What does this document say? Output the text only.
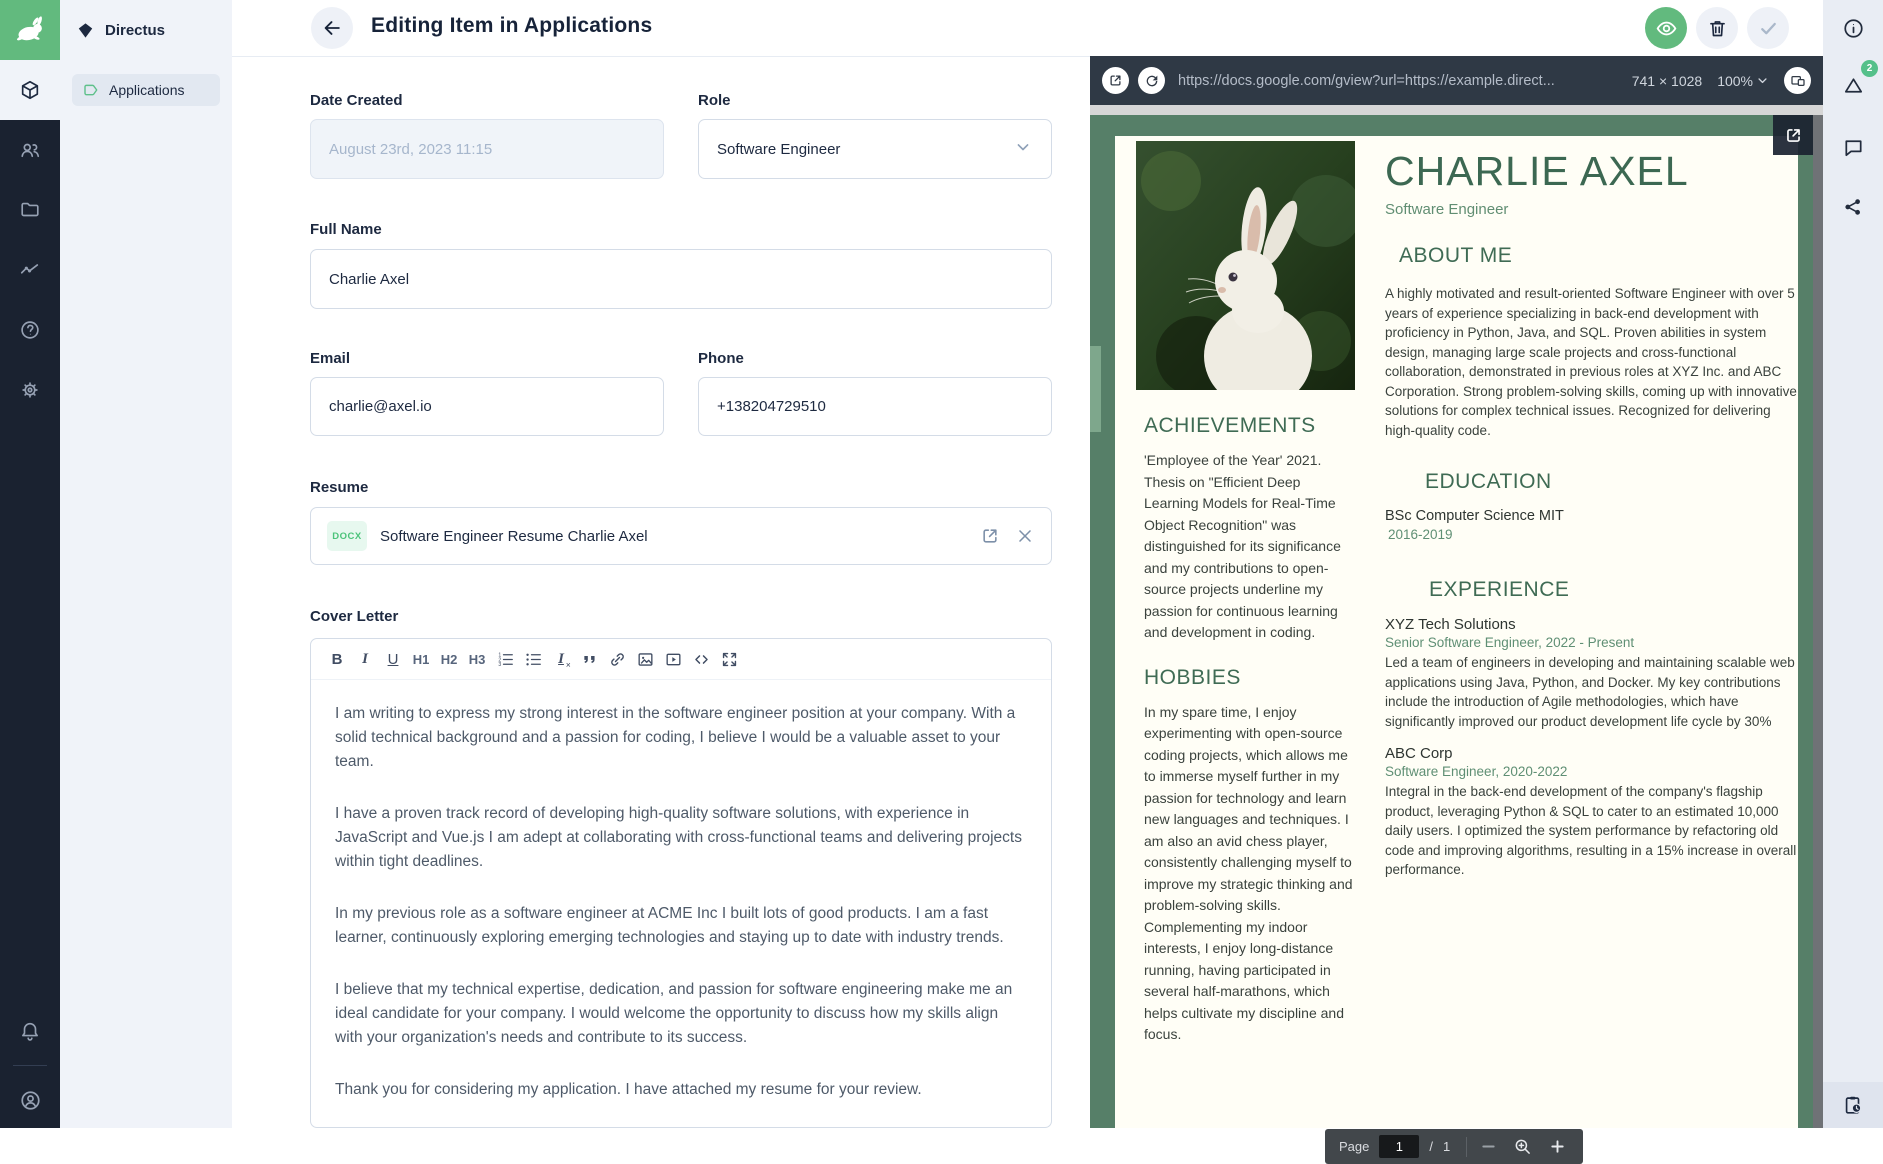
Directus
Applications
Editing Item in Applications
Date Created
August 23rd, 2023 11:15
Role
Software Engineer
Full Name
Charlie Axel
Email
charlie@axel.io
Phone
+138204729510
Resume
DOCX	Software Engineer Resume Charlie Axel
Cover Letter
B	I	U	H1 H2 H3	1
2
3	I ×

I am writing to express my strong interest in the software engineer position at your company. With a solid technical background and a passion for coding, I believe I would be a valuable asset to your team.

I have a proven track record of developing high-quality software solutions, with experience in JavaScript and Vue.js I am adept at collaborating with cross-functional teams and delivering projects within tight deadlines.

In my previous role as a software engineer at ACME Inc I built lots of good products. I am a fast learner, continuously exploring emerging technologies and staying up to date with industry trends.

I believe that my technical expertise, dedication, and passion for software engineering make me an ideal candidate for your company. I would welcome the opportunity to discuss how my skills align with your organization's needs and contribute to its success.

Thank you for considering my application. I have attached my resume for your review.

https://docs.google.com/gview?url=https://example.direct...	741 × 1028 100%
CHARLIE AXEL
Software Engineer
ABOUT ME
A highly motivated and result-oriented Software Engineer with over 5 years of experience specializing in back-end development with proficiency in Python, Java, and SQL. Proven abilities in system design, managing large scale projects and cross-functional collaboration, demonstrated in previous roles at XYZ Inc. and ABC Corporation. Strong problem-solving skills, coming up with innovative solutions for complex technical issues. Recognized for delivering high-quality code.
EDUCATION
BSc Computer Science MIT
2016-2019
EXPERIENCE
XYZ Tech Solutions
Senior Software Engineer, 2022 - Present
Led a team of engineers in developing and maintaining scalable web applications using Java, Python, and Docker. My key contributions include the introduction of Agile methodologies, which have significantly improved our product development life cycle by 30%
ABC Corp
Software Engineer, 2020-2022
Integral in the back-end development of the company's flagship product, leveraging Python & SQL to cater to an estimated 10,000 daily users. I optimized the system performance by refactoring old code and improving algorithms, resulting in a 15% increase in overall performance.
ACHIEVEMENTS
'Employee of the Year' 2021. Thesis on "Efficient Deep Learning Models for Real-Time Object Recognition" was distinguished for its significance and my contributions to open-source projects underline my passion for continuous learning and development in coding.
HOBBIES
In my spare time, I enjoy experimenting with open-source coding projects, which allows me to immerse myself further in my passion for technology and learn new languages and techniques. I am also an avid chess player, consistently challenging myself to improve my strategic thinking and problem-solving skills. Complementing my indoor interests, I enjoy long-distance running, having participated in several half-marathons, which helps cultivate my discipline and focus.
Page	1	/ 1
2
